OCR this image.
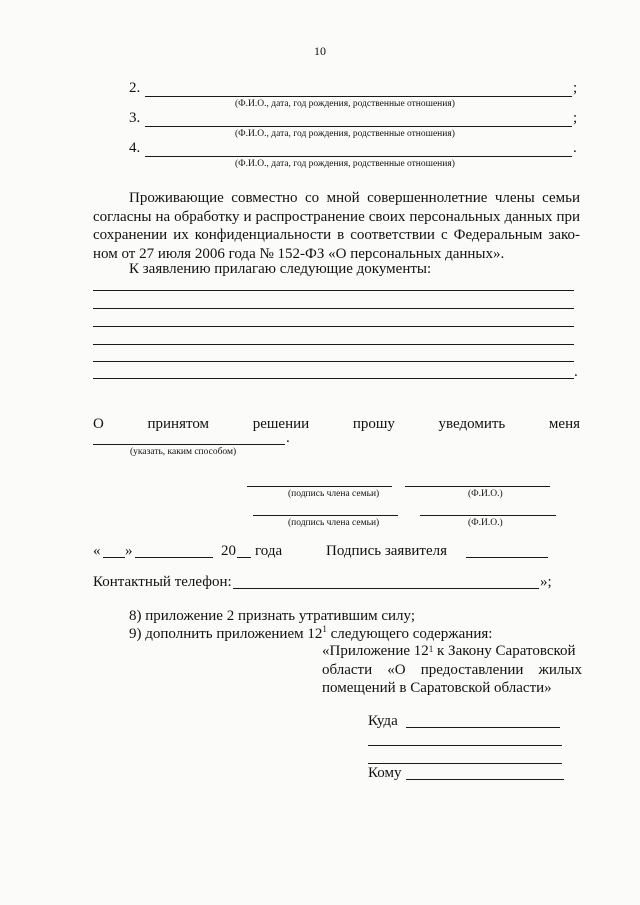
10
2.	;
(Ф.И.О., дата, год рождения, родственные отношения)
3.	;
(Ф.И.О., дата, год рождения, родственные отношения)
4.	.
(Ф.И.О., дата, год рождения, родственные отношения)
Проживающие совместно со мной совершеннолетние члены семьи
согласны на обработку и распространение своих персональных данных при
сохранении их конфиденциальности в соответствии с Федеральным зако-
ном от 27 июля 2006 года № 152-ФЗ «О персональных данных».
К заявлению прилагаю следующие документы:
.
О	принятом	решении	прошу	уведомить	меня
.
(указать, каким способом)
(подпись члена семьи)	(Ф.И.О.)
(подпись члена семьи)	(Ф.И.О.)
« »	20 года	Подпись заявителя
Контактный телефон:	»;
8) приложение 2 признать утратившим силу;
9) дополнить приложением $12^1$ следующего содержания:
«Приложение $12^1$ к Закону Саратовской
области «О предоставлении жилых
помещений в Саратовской области»
Куда
Кому
